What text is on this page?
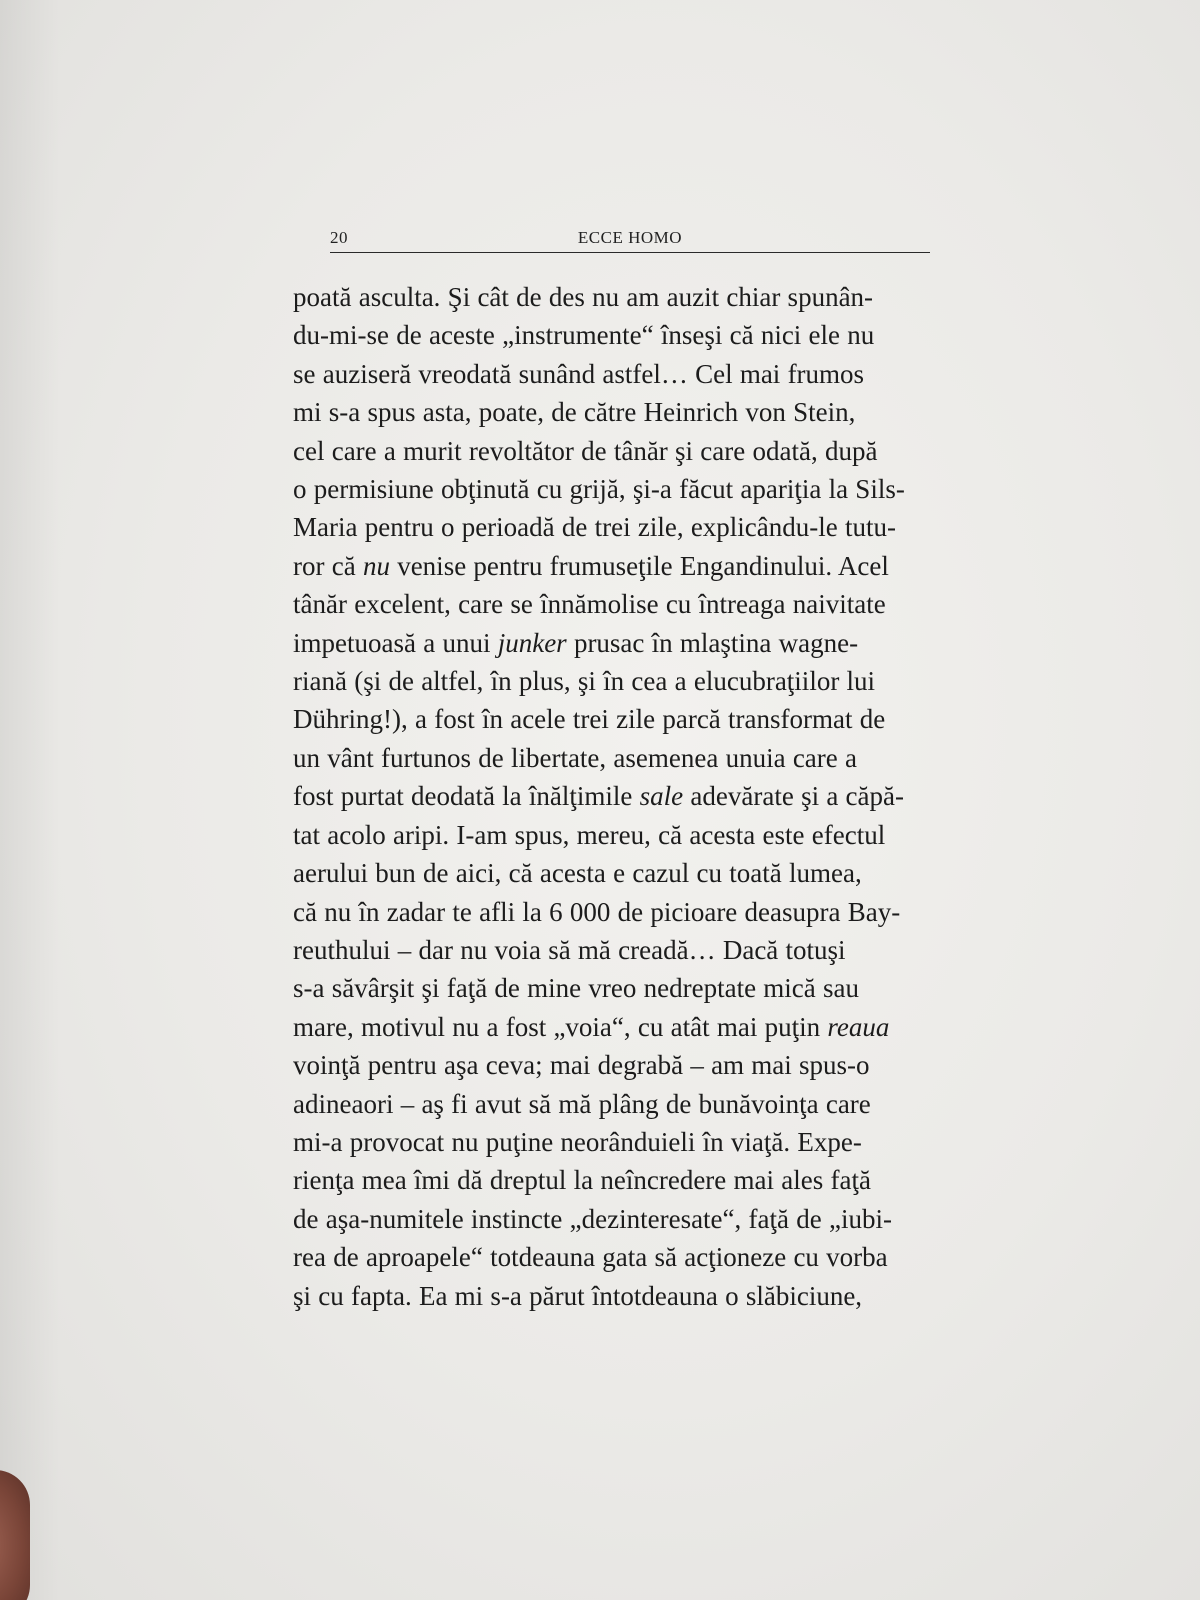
ECCE HOMO
20
poată asculta. Şi cât de des nu am auzit chiar spunân-
du-mi-se de aceste „instrumente“ înseşi că nici ele nu
se auziseră vreodată sunând astfel… Cel mai frumos
mi s-a spus asta, poate, de către Heinrich von Stein,
cel care a murit revoltător de tânăr şi care odată, după
o permisiune obţinută cu grijă, şi-a făcut apariţia la Sils-
Maria pentru o perioadă de trei zile, explicându-le tutu-
ror că nu venise pentru frumuseţile Engandinului. Acel
tânăr excelent, care se înnămolise cu întreaga naivitate
impetuoasă a unui junker prusac în mlaştina wagne-
riană (şi de altfel, în plus, şi în cea a elucubraţiilor lui
Dühring!), a fost în acele trei zile parcă transformat de
un vânt furtunos de libertate, asemenea unuia care a
fost purtat deodată la înălţimile sale adevărate şi a căpă-
tat acolo aripi. I-am spus, mereu, că acesta este efectul
aerului bun de aici, că acesta e cazul cu toată lumea,
că nu în zadar te afli la 6 000 de picioare deasupra Bay-
reuthului – dar nu voia să mă creadă… Dacă totuşi
s-a săvârşit şi faţă de mine vreo nedreptate mică sau
mare, motivul nu a fost „voia“, cu atât mai puţin reaua
voinţă pentru aşa ceva; mai degrabă – am mai spus-o
adineaori – aş fi avut să mă plâng de bunăvoinţa care
mi-a provocat nu puţine neorânduieli în viaţă. Expe-
rienţa mea îmi dă dreptul la neîncredere mai ales faţă
de aşa-numitele instincte „dezinteresate“, faţă de „iubi-
rea de aproapele“ totdeauna gata să acţioneze cu vorba
şi cu fapta. Ea mi s-a părut întotdeauna o slăbiciune,
